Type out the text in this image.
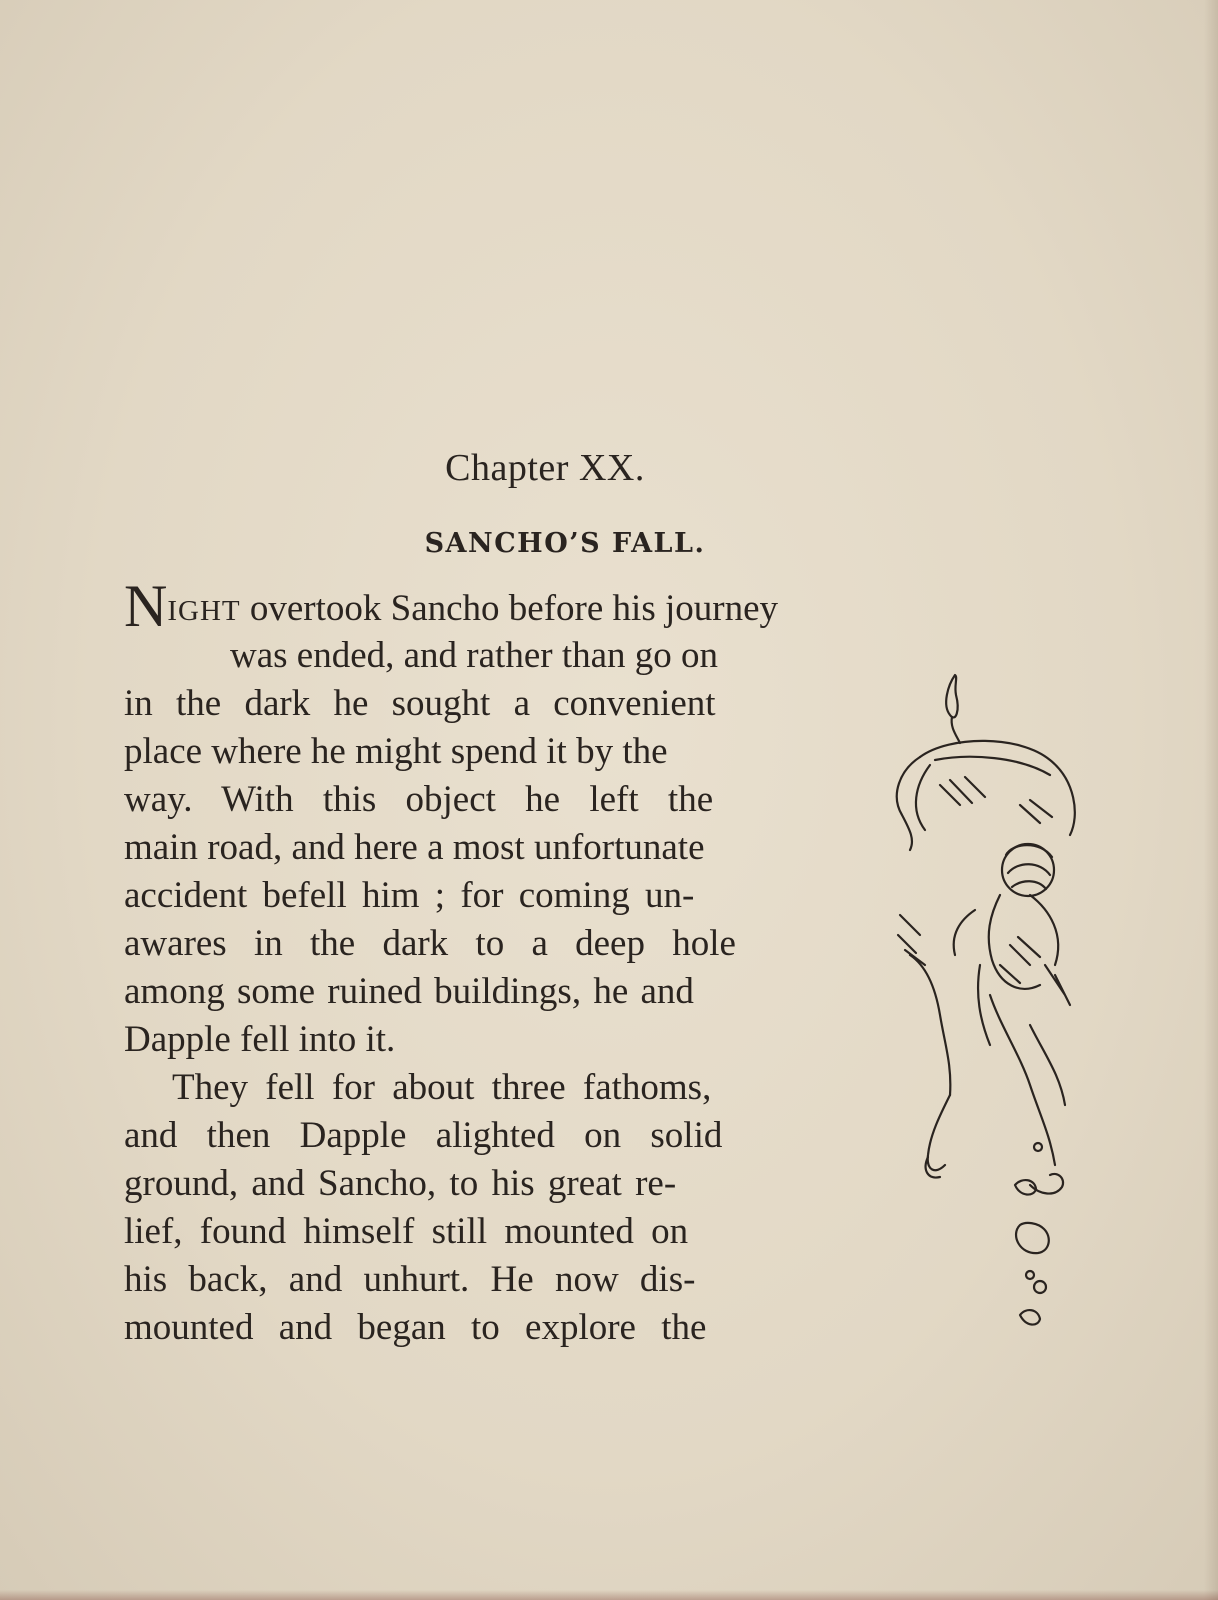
Chapter XX.
SANCHO’S FALL.
NIGHT overtook Sancho before his journey
was ended, and rather than go on
in the dark he sought a convenient
place where he might spend it by the
way. With this object he left the
main road, and here a most unfortunate
accident befell him ; for coming un-
awares in the dark to a deep hole
among some ruined buildings, he and
Dapple fell into it.
They fell for about three fathoms,
and then Dapple alighted on solid
ground, and Sancho, to his great re-
lief, found himself still mounted on
his back, and unhurt. He now dis-
mounted and began to explore the
